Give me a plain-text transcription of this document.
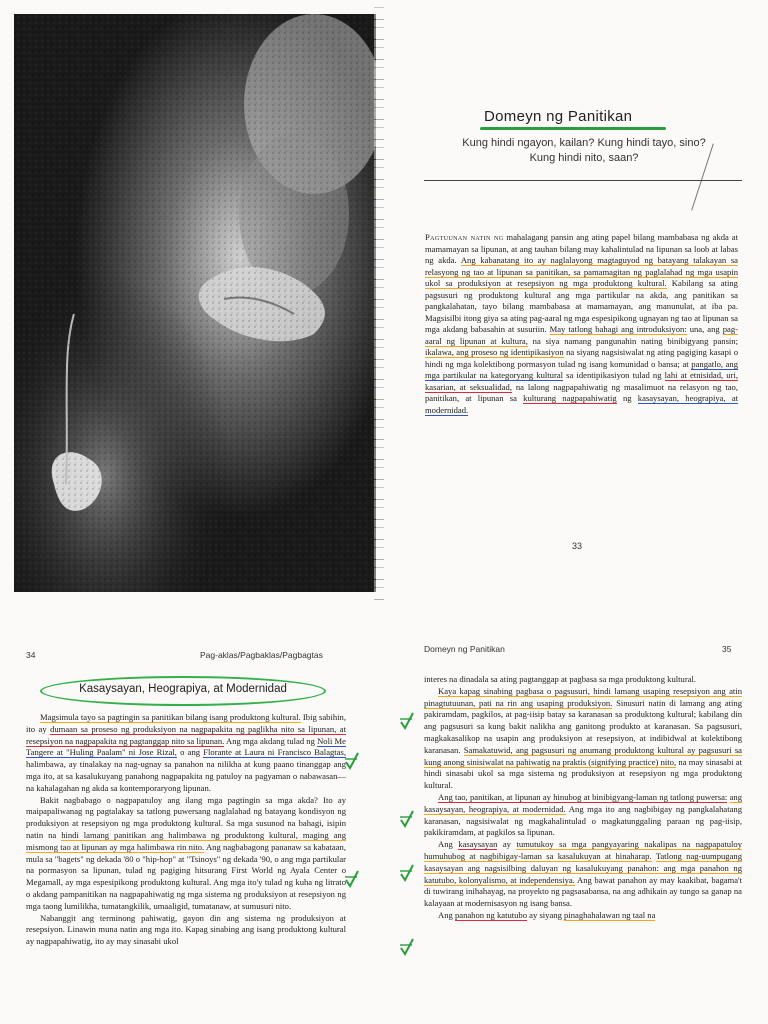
Domeyn ng Panitikan
Kung hindi ngayon, kailan? Kung hindi tayo, sino?
Kung hindi nito, saan?
Pagtuunan natin ng mahalagang pansin ang ating papel bilang mambabasa ng akda at mamamayan sa lipunan, at ang tauhan bilang may kahalintulad na lipunan sa loob at labas ng akda. Ang kabanatang ito ay naglalayong magtaguyod ng batayang talakayan sa relasyong ng tao at lipunan sa panitikan, sa pamamagitan ng paglalahad ng mga usapin ukol sa produksiyon at resepsiyon ng mga produktong kultural. Kabilang sa ating pagsusuri ng produktong kultural ang mga partikular na akda, ang panitikan sa pangkalahatan, tayo bilang mambabasa at mamamayan, ang manunulat, at iba pa. Magsisilbi itong giya sa ating pag-aaral ng mga espesipikong ugnayan ng tao at lipunan sa mga akdang babasahin at susuriin. May tatlong bahagi ang introduksiyon: una, ang pag-aaral ng lipunan at kultura, na siya namang pangunahin nating binibigyang pansin; ikalawa, ang proseso ng identipikasiyon na siyang nagsisiwalat ng ating pagiging kasapi o hindi ng mga kolektibong pormasyon tulad ng isang komunidad o bansa; at pangatlo, ang mga partikular na kategoryang kultural sa identipikasiyon tulad ng lahi at etnisidad, uri, kasarian, at seksualidad, na lalong nagpapahiwatig ng masalimuot na relasyon ng tao, panitikan, at lipunan sa kulturang nagpapahiwatig ng kasaysayan, heograpiya, at modernidad.
33
34	Pag-aklas/Pagbaklas/Pagbagtas
Kasaysayan, Heograpiya, at Modernidad

Magsimula tayo sa pagtingin sa panitikan bilang isang produktong kultural. Ibig sabihin, ito ay dumaan sa proseso ng produksiyon na nagpapakita ng paglikha nito sa lipunan, at resepsiyon na nagpapakita ng pagtanggap nito sa lipunan. Ang mga akdang tulad ng Noli Me Tangere at "Huling Paalam" ni Jose Rizal, o ang Florante at Laura ni Francisco Balagtas, halimbawa, ay tinalakay na nag-ugnay sa panahon na nilikha at kung paano tinanggap ang mga ito, at sa kasalukuyang panahong nagpapakita ng patuloy na pagyaman o nabawasan—na kahalagahan ng akda sa kontemporaryong lipunan.

Bakit nagbabago o nagpapatuloy ang ilang mga pagtingin sa mga akda? Ito ay maipapaliwanag ng pagtalakay sa tatlong puwersang naglalahad ng batayang kondisyon ng produksiyon at resepsiyon ng mga produktong kultural. Sa mga susunod na bahagi, isipin natin na hindi lamang panitikan ang halimbawa ng produktong kultural, maging ang mismong tao at lipunan ay mga halimbawa rin nito. Ang nagbabagong pananaw sa kabataan, mula sa "bagets" ng dekada '80 o "hip-hop" at "Tsinoys" ng dekada '90, o ang mga partikular na pormasyon sa lipunan, tulad ng pagiging hitsurang First World ng Ayala Center o Megamall, ay mga espesipikong produktong kultural. Ang mga ito'y tulad ng kuha ng litrato o akdang pampanitikan na nagpapahiwatig ng mga sistema ng produksiyon at resepsiyon ng mga taong lumilikha, tumatangkilik, umaaligid, tumatanaw, at sumusuri nito.

Nabanggit ang terminong pahiwatig, gayon din ang sistema ng produksiyon at resepsiyon. Linawin muna natin ang mga ito. Kapag sinabing ang isang produktong kultural ay nagpapahiwatig, ito ay may sinasabi ukol

Domeyn ng Panitikan	35

interes na dinadala sa ating pagtanggap at pagbasa sa mga produktong kultural.

Kaya kapag sinabing pagbasa o pagsusuri, hindi lamang usaping resepsiyon ang atin pinagtutuunan, pati na rin ang usaping produksiyon. Sinusuri natin di lamang ang ating pakiramdam, pagkilos, at pag-iisip batay sa karanasan sa produktong kultural; kabilang din ang pagsusuri sa kung bakit nalikha ang ganitong produkto at karanasan. Sa pagsusuri, magkakasalikop na usapin ang produksiyon at resepsiyon, at indibidwal at kolektibong karanasan. Samakatuwid, ang pagsusuri ng anumang produktong kultural ay pagsusuri sa kung anong sinisiwalat na pahiwatig na praktis (signifying practice) nito, na may sinasabi at hindi sinasabi ukol sa mga sistema ng produksiyon at resepsiyon ng mga produktong kultural.

Ang tao, panitikan, at lipunan ay hinubog at binibigyang-laman ng tatlong puwersa: ang kasaysayan, heograpiya, at modernidad. Ang mga ito ang nagbibigay ng pangkalahatang karanasan, nagsisiwalat ng magkahalintulad o magkatunggaling paraan ng pag-iisip, pakikiramdam, at pagkilos sa lipunan.

Ang kasaysayan ay tumutukoy sa mga pangyayaring nakalipas na nagpapatuloy humuhubog at nagbibigay-laman sa kasalukuyan at hinaharap. Tatlong nag-uumpugang kasaysayan ang nagsisilbing daluyan ng kasalukuyang panahon: ang mga panahon ng katutubo, kolonyalismo, at independensiya. Ang bawat panahon ay may kaakibat, bagama't di tuwirang inihahayag, na proyekto ng pagsasabansa, na ang adhikain ay tungo sa ganap na kalayaan at modernisasyon ng isang bansa.

Ang panahon ng katutubo ay siyang pinaghahalawan ng taal na
